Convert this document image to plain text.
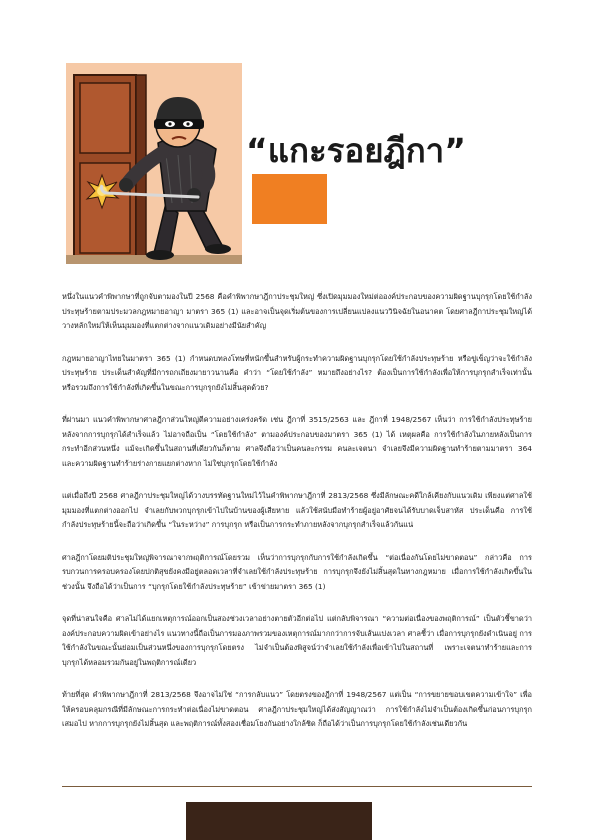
“แกะรอยฎีกา”

หนึ่งในแนวคำพิพากษาที่ถูกจับตามองในปี 2568 คือคำพิพากษาฎีกาประชุมใหญ่ ซึ่งเปิดมุมมองใหม่ต่อองค์ประกอบของความผิดฐานบุกรุกโดยใช้กำลังประทุษร้ายตามประมวลกฎหมายอาญา มาตรา 365 (1) และอาจเป็นจุดเริ่มต้นของการเปลี่ยนแปลงแนววินิจฉัยในอนาคต โดยศาลฎีกาประชุมใหญ่ได้วางหลักใหม่ให้เห็นมุมมองที่แตกต่างจากแนวเดิมอย่างมีนัยสำคัญ

กฎหมายอาญาไทยในมาตรา 365 (1) กำหนดบทลงโทษที่หนักขึ้นสำหรับผู้กระทำความผิดฐานบุกรุกโดยใช้กำลังประทุษร้าย หรือขู่เข็ญว่าจะใช้กำลังประทุษร้าย ประเด็นสำคัญที่มีการถกเถียงมายาวนานคือ คำว่า “โดยใช้กำลัง” หมายถึงอย่างไร? ต้องเป็นการใช้กำลังเพื่อให้การบุกรุกสำเร็จเท่านั้น หรือรวมถึงการใช้กำลังที่เกิดขึ้นในขณะการบุกรุกยังไม่สิ้นสุดด้วย?

ที่ผ่านมา แนวคำพิพากษาศาลฎีกาส่วนใหญ่ตีความอย่างเคร่งครัด เช่น ฎีกาที่ 3515/2563 และ ฎีกาที่ 1948/2567 เห็นว่า การใช้กำลังประทุษร้ายหลังจากการบุกรุกได้สำเร็จแล้ว ไม่อาจถือเป็น “โดยใช้กำลัง” ตามองค์ประกอบของมาตรา 365 (1) ได้ เหตุผลคือ การใช้กำลังในภายหลังเป็นการกระทำอีกส่วนหนึ่ง แม้จะเกิดขึ้นในสถานที่เดียวกันก็ตาม ศาลจึงถือว่าเป็นคนละกรรม คนละเจตนา จำเลยจึงมีความผิดฐานทำร้ายตามมาตรา 364 และความผิดฐานทำร้ายร่างกายแยกต่างหาก ไม่ใช่บุกรุกโดยใช้กำลัง

แต่เมื่อถึงปี 2568 ศาลฎีกาประชุมใหญ่ได้วางบรรทัดฐานใหม่ไว้ในคำพิพากษาฎีกาที่ 2813/2568 ซึ่งมีลักษณะคดีใกล้เคียงกับแนวเดิม เพียงแต่ศาลใช้มุมมองที่แตกต่างออกไป จำเลยกับพวกบุกรุกเข้าไปในบ้านของผู้เสียหาย แล้วใช้สนับมือทำร้ายผู้อยู่อาศัยจนได้รับบาดเจ็บสาหัส ประเด็นคือ การใช้กำลังประทุษร้ายนี้จะถือว่าเกิดขึ้น “ในระหว่าง” การบุกรุก หรือเป็นการกระทำภายหลังจากบุกรุกสำเร็จแล้วกันแน่

ศาลฎีกาโดยมติประชุมใหญ่พิจารณาจากพฤติการณ์โดยรวม เห็นว่าการบุกรุกกับการใช้กำลังเกิดขึ้น “ต่อเนื่องกันโดยไม่ขาดตอน” กล่าวคือ การรบกวนการครอบครองโดยปกติสุขยังคงมีอยู่ตลอดเวลาที่จำเลยใช้กำลังประทุษร้าย การบุกรุกจึงยังไม่สิ้นสุดในทางกฎหมาย เมื่อการใช้กำลังเกิดขึ้นในช่วงนั้น จึงถือได้ว่าเป็นการ “บุกรุกโดยใช้กำลังประทุษร้าย” เข้าข่ายมาตรา 365 (1)

จุดที่น่าสนใจคือ ศาลไม่ได้แยกเหตุการณ์ออกเป็นสองช่วงเวลาอย่างตายตัวอีกต่อไป แต่กลับพิจารณา “ความต่อเนื่องของพฤติการณ์” เป็นตัวชี้ขาดว่าองค์ประกอบความผิดเข้าอย่างไร แนวทางนี้ถือเป็นการมองภาพรวมของเหตุการณ์มากกว่าการจับเส้นแบ่งเวลา ศาลชี้ว่า เมื่อการบุกรุกยังดำเนินอยู่ การใช้กำลังในขณะนั้นย่อมเป็นส่วนหนึ่งของการบุกรุกโดยตรง ไม่จำเป็นต้องพิสูจน์ว่าจำเลยใช้กำลังเพื่อเข้าไปในสถานที่ เพราะเจตนาทำร้ายและการบุกรุกได้หลอมรวมกันอยู่ในพฤติการณ์เดียว

ท้ายที่สุด คำพิพากษาฎีกาที่ 2813/2568 จึงอาจไม่ใช่ “การกลับแนว” โดยตรงของฎีกาที่ 1948/2567 แต่เป็น “การขยายขอบเขตความเข้าใจ” เพื่อให้ครอบคลุมกรณีที่มีลักษณะการกระทำต่อเนื่องไม่ขาดตอน ศาลฎีกาประชุมใหญ่ได้ส่งสัญญาณว่า การใช้กำลังไม่จำเป็นต้องเกิดขึ้นก่อนการบุกรุกเสมอไป หากการบุกรุกยังไม่สิ้นสุด และพฤติการณ์ทั้งสองเชื่อมโยงกันอย่างใกล้ชิด ก็ถือได้ว่าเป็นการบุกรุกโดยใช้กำลังเช่นเดียวกัน
